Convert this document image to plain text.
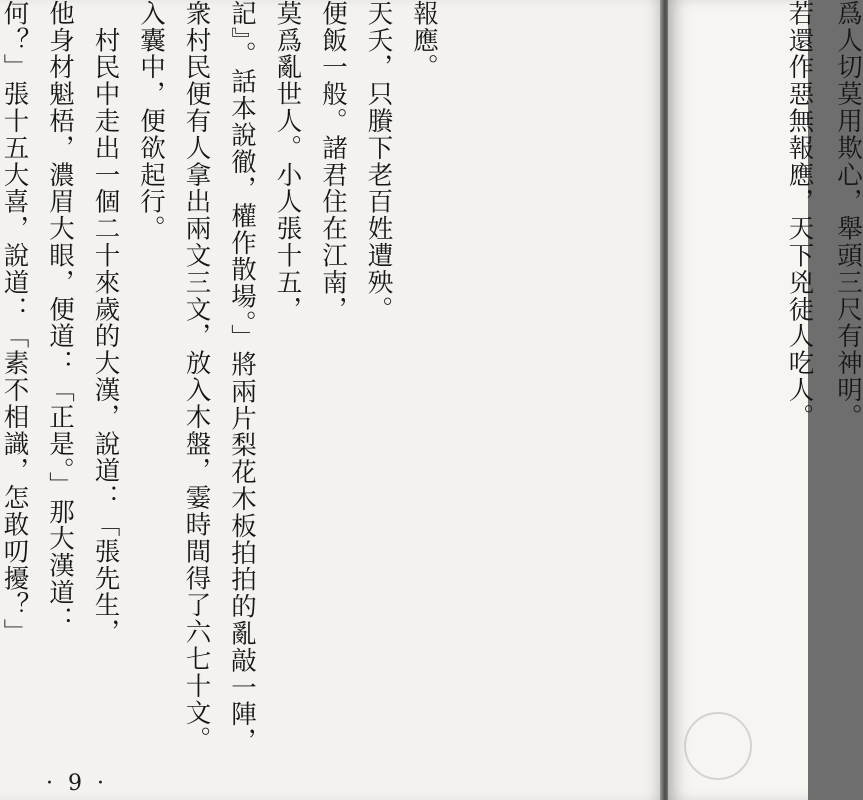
報應。
天夭，只賸下老百姓遭殃。
便飯一般。諸君住在江南，
莫爲亂世人。小人張十五，
記』。話本說徹，權作散場。」將兩片梨花木板拍拍的亂敲一陣，
衆村民便有人拿出兩文三文，放入木盤，霎時間得了六七十文。
入囊中，便欲起行。
　村民中走出一個二十來歲的大漢，說道：「張先生，
他身材魁梧，濃眉大眼，便道：「正是。」那大漢道：
何？」張十五大喜，說道：「素不相識，怎敢叨擾？」
· 9 ·
爲人切莫用欺心，舉頭三尺有神明。
若還作惡無報應，天下兇徒人吃人。
